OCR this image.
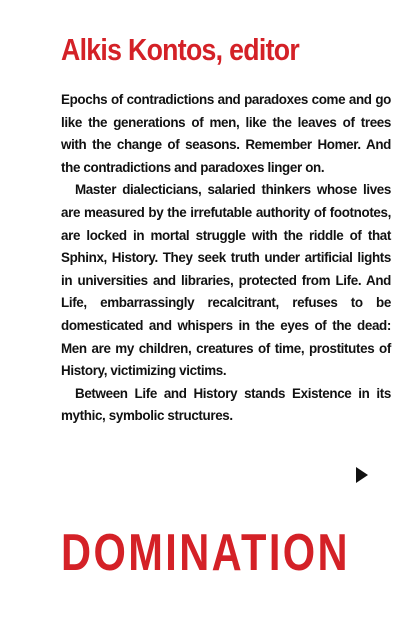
Alkis Kontos, editor

Epochs of contradictions and paradoxes come and go like the generations of men, like the leaves of trees with the change of seasons. Remember Homer. And the contradictions and paradoxes linger on.

Master dialecticians, salaried thinkers whose lives are measured by the irrefutable authority of footnotes, are locked in mortal struggle with the riddle of that Sphinx, History. They seek truth under artificial lights in universities and libraries, protected from Life. And Life, embarrassingly recalcitrant, refuses to be domesticated and whispers in the eyes of the dead: Men are my children, creatures of time, prostitutes of History, victimizing victims.

Between Life and History stands Existence in its mythic, symbolic structures.

DOMINATION
